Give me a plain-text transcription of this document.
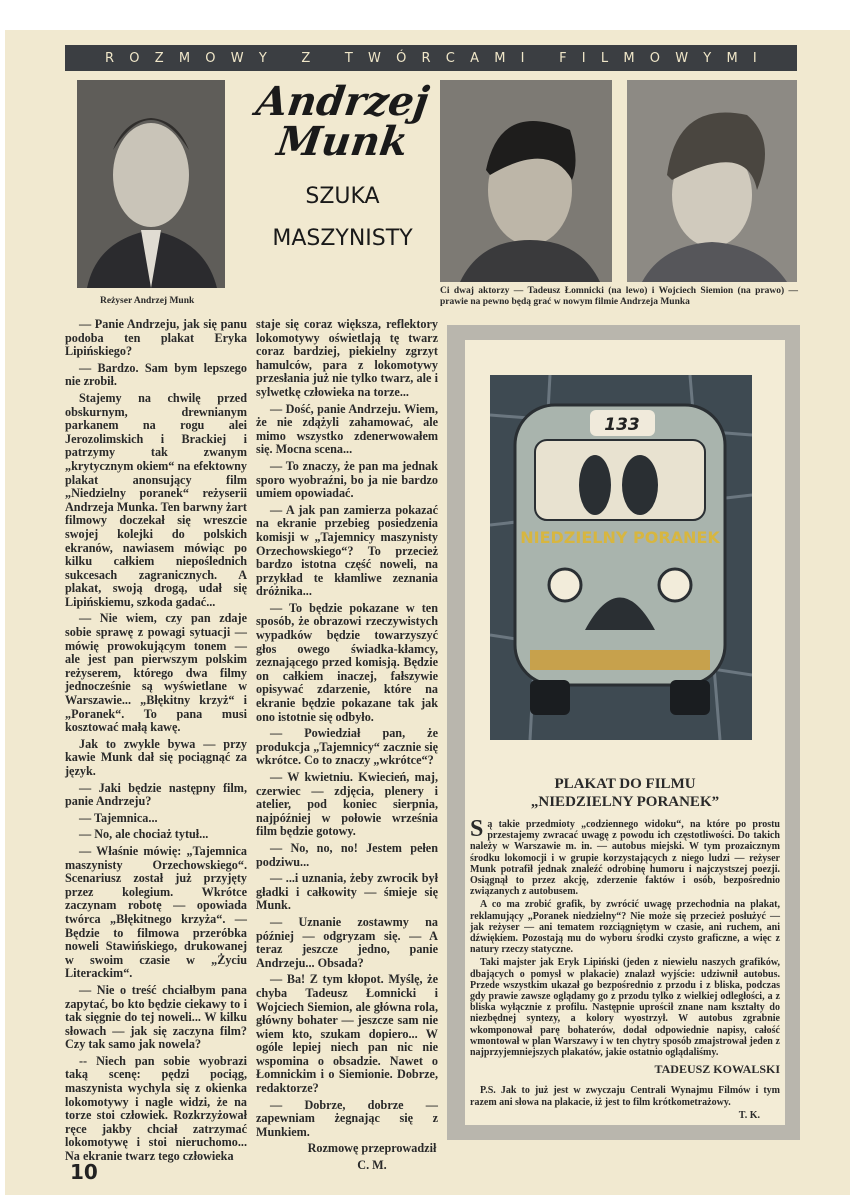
R O Z M O W Y
	Z
	T W Ó R C A M I
	F I L M O W Y M I
Reżyser Andrzej Munk
Andrzej
Munk
SZUKA
MASZYNISTY
Ci dwaj aktorzy — Tadeusz Łomnicki (na lewo) i Wojciech Siemion (na prawo) — prawie na pewno będą grać w nowym filmie Andrzeja Munka

— Panie Andrzeju, jak się panu podoba ten plakat Eryka Lipińskiego?

— Bardzo. Sam bym lepszego nie zrobił.

Stajemy na chwilę przed obskurnym, drewnianym parkanem na rogu alei Jerozolimskich i Brackiej i patrzymy tak zwanym „krytycznym okiem“ na efektowny plakat anonsujący film „Niedzielny poranek“ reżyserii Andrzeja Munka. Ten barwny żart filmowy doczekał się wreszcie swojej kolejki do polskich ekranów, nawiasem mówiąc po kilku całkiem niepoślednich sukcesach zagranicznych. A plakat, swoją drogą, udał się Lipińskiemu, szkoda gadać...

— Nie wiem, czy pan zdaje sobie sprawę z powagi sytuacji — mówię prowokującym tonem — ale jest pan pierwszym polskim reżyserem, którego dwa filmy jednocześnie są wyświetlane w Warszawie... „Błękitny krzyż“ i „Poranek“. To pana musi kosztować małą kawę.

Jak to zwykle bywa — przy kawie Munk dał się pociągnąć za język.

— Jaki będzie następny film, panie Andrzeju?

— Tajemnica...

— No, ale chociaż tytuł...

— Właśnie mówię: „Tajemnica maszynisty Orzechowskiego“. Scenariusz został już przyjęty przez kolegium. Wkrótce zaczynam robotę — opowiada twórca „Błękitnego krzyża“. — Będzie to filmowa przeróbka noweli Stawińskiego, drukowanej w swoim czasie w „Życiu Literackim“.

— Nie o treść chciałbym pana zapytać, bo kto będzie ciekawy to i tak sięgnie do tej noweli... W kilku słowach — jak się zaczyna film? Czy tak samo jak nowela?

-- Niech pan sobie wyobrazi taką scenę: pędzi pociąg, maszynista wychyla się z okienka lokomotywy i nagle widzi, że na torze stoi człowiek. Rozkrzyżował ręce jakby chciał zatrzymać lokomotywę i stoi nieruchomo... Na ekranie twarz tego człowieka

staje się coraz większa, reflektory lokomotywy oświetlają tę twarz coraz bardziej, piekielny zgrzyt hamulców, para z lokomotywy przesłania już nie tylko twarz, ale i sylwetkę człowieka na torze...

— Dość, panie Andrzeju. Wiem, że nie zdążyli zahamować, ale mimo wszystko zdenerwowałem się. Mocna scena...

— To znaczy, że pan ma jednak sporo wyobraźni, bo ja nie bardzo umiem opowiadać.

— A jak pan zamierza pokazać na ekranie przebieg posiedzenia komisji w „Tajemnicy maszynisty Orzechowskiego“? To przecież bardzo istotna część noweli, na przykład te kłamliwe zeznania dróżnika...

— To będzie pokazane w ten sposób, że obrazowi rzeczywistych wypadków będzie towarzyszyć głos owego świadka-kłamcy, zeznającego przed komisją. Będzie on całkiem inaczej, fałszywie opisywać zdarzenie, które na ekranie będzie pokazane tak jak ono istotnie się odbyło.

— Powiedział pan, że produkcja „Tajemnicy“ zacznie się wkrótce. Co to znaczy „wkrótce“?

— W kwietniu. Kwiecień, maj, czerwiec — zdjęcia, plenery i atelier, pod koniec sierpnia, najpóźniej w połowie września film będzie gotowy.

— No, no, no! Jestem pełen podziwu...

— ...i uznania, żeby zwrocik był gładki i całkowity — śmieje się Munk.

— Uznanie zostawmy na później — odgryzam się. — A teraz jeszcze jedno, panie Andrzeju... Obsada?

— Ba! Z tym kłopot. Myślę, że chyba Tadeusz Łomnicki i Wojciech Siemion, ale główna rola, główny bohater — jeszcze sam nie wiem kto, szukam dopiero... W ogóle lepiej niech pan nic nie wspomina o obsadzie. Nawet o Łomnickim i o Siemionie. Dobrze, redaktorze?

— Dobrze, dobrze — zapewniam żegnając się z Munkiem.

Rozmowę przeprowadził

C. M.

133
NIEDZIELNY PORANEK
PLAKAT DO FILMU
„NIEDZIELNY PORANEK”

Są takie przedmioty „codziennego widoku“, na które po prostu przestajemy zwracać uwagę z powodu ich częstotliwości. Do takich należy w Warszawie m. in. — autobus miejski. W tym prozaicznym środku lokomocji i w grupie korzystających z niego ludzi — reżyser Munk potrafił jednak znaleźć odrobinę humoru i najczystszej poezji. Osiągnął to przez akcję, zderzenie faktów i osób, bezpośrednio związanych z autobusem.

A co ma zrobić grafik, by zwrócić uwagę przechodnia na plakat, reklamujący „Poranek niedzielny“? Nie może się przecież posłużyć — jak reżyser — ani tematem rozciągniętym w czasie, ani ruchem, ani dźwiękiem. Pozostają mu do wyboru środki czysto graficzne, a więc z natury rzeczy statyczne.

Taki majster jak Eryk Lipiński (jeden z niewielu naszych grafików, dbających o pomysł w plakacie) znalazł wyjście: udziwnił autobus. Przede wszystkim ukazał go bezpośrednio z przodu i z bliska, podczas gdy prawie zawsze oglądamy go z przodu tylko z wielkiej odległości, a z bliska wyłącznie z profilu. Następnie uprościł znane nam kształty do niezbędnej syntezy, a kolory wyostrzył. W autobus zgrabnie wkomponował parę bohaterów, dodał odpowiednie napisy, całość wmontował w plan Warszawy i w ten chytry sposób zmajstrował jeden z najprzyjemniejszych plakatów, jakie ostatnio oglądaliśmy.

TADEUSZ KOWALSKI

P.S. Jak to już jest w zwyczaju Centrali Wynajmu Filmów i tym razem ani słowa na plakacie, iż jest to film krótkometrażowy.

T. K.
10
